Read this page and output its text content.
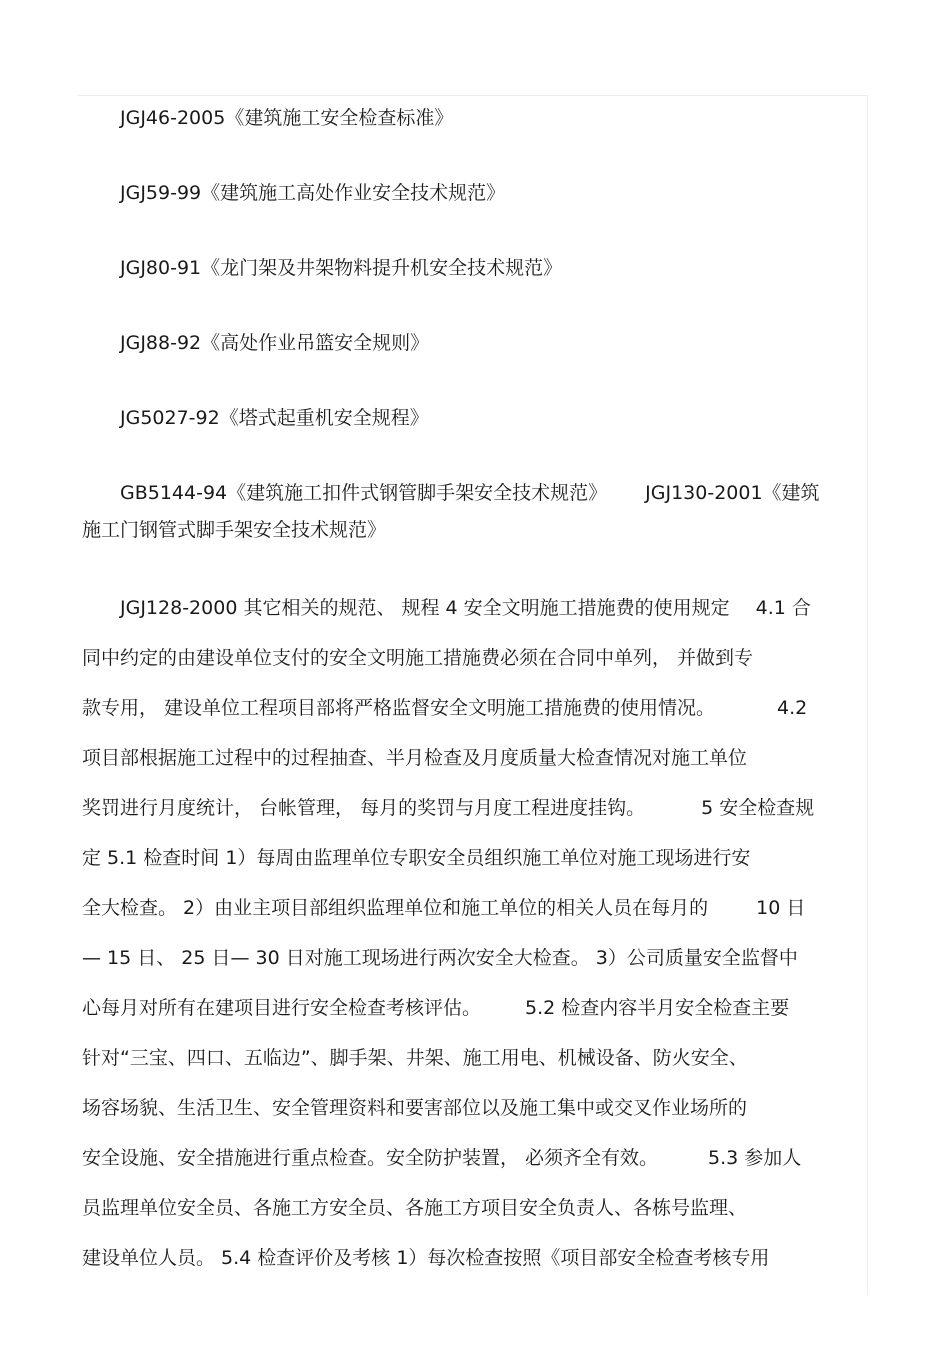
JGJ46-2005《建筑施工安全检查标准》
JGJ59-99《建筑施工高处作业安全技术规范》
JGJ80-91《龙门架及井架物料提升机安全技术规范》
JGJ88-92《高处作业吊篮安全规则》
JG5027-92《塔式起重机安全规程》
GB5144-94《建筑施工扣件式钢管脚手架安全技术规范》 JGJ130-2001《建筑
施工门钢管式脚手架安全技术规范》
JGJ128-2000 其它相关的规范、 规程 4 安全文明施工措施费的使用规定 4.1 合
同中约定的由建设单位支付的安全文明施工措施费必须在合同中单列， 并做到专
款专用， 建设单位工程项目部将严格监督安全文明施工措施费的使用情况。	4.2
项目部根据施工过程中的过程抽查、半月检查及月度质量大检查情况对施工单位
奖罚进行月度统计， 台帐管理， 每月的奖罚与月度工程进度挂钩。	5 安全检查规
定 5.1 检查时间 1）每周由监理单位专职安全员组织施工单位对施工现场进行安
全大检查。 2）由业主项目部组织监理单位和施工单位的相关人员在每月的	10 日
— 15 日、 25 日— 30 日对施工现场进行两次安全大检查。 3）公司质量安全监督中
心每月对所有在建项目进行安全检查考核评估。 5.2 检查内容半月安全检查主要
针对“三宝、四口、五临边”、脚手架、井架、施工用电、机械设备、防火安全、
场容场貌、生活卫生、安全管理资料和要害部位以及施工集中或交叉作业场所的
安全设施、安全措施进行重点检查。安全防护装置， 必须齐全有效。	5.3 参加人
员监理单位安全员、各施工方安全员、各施工方项目安全负责人、各栋号监理、
建设单位人员。 5.4 检查评价及考核 1）每次检查按照《项目部安全检查考核专用
